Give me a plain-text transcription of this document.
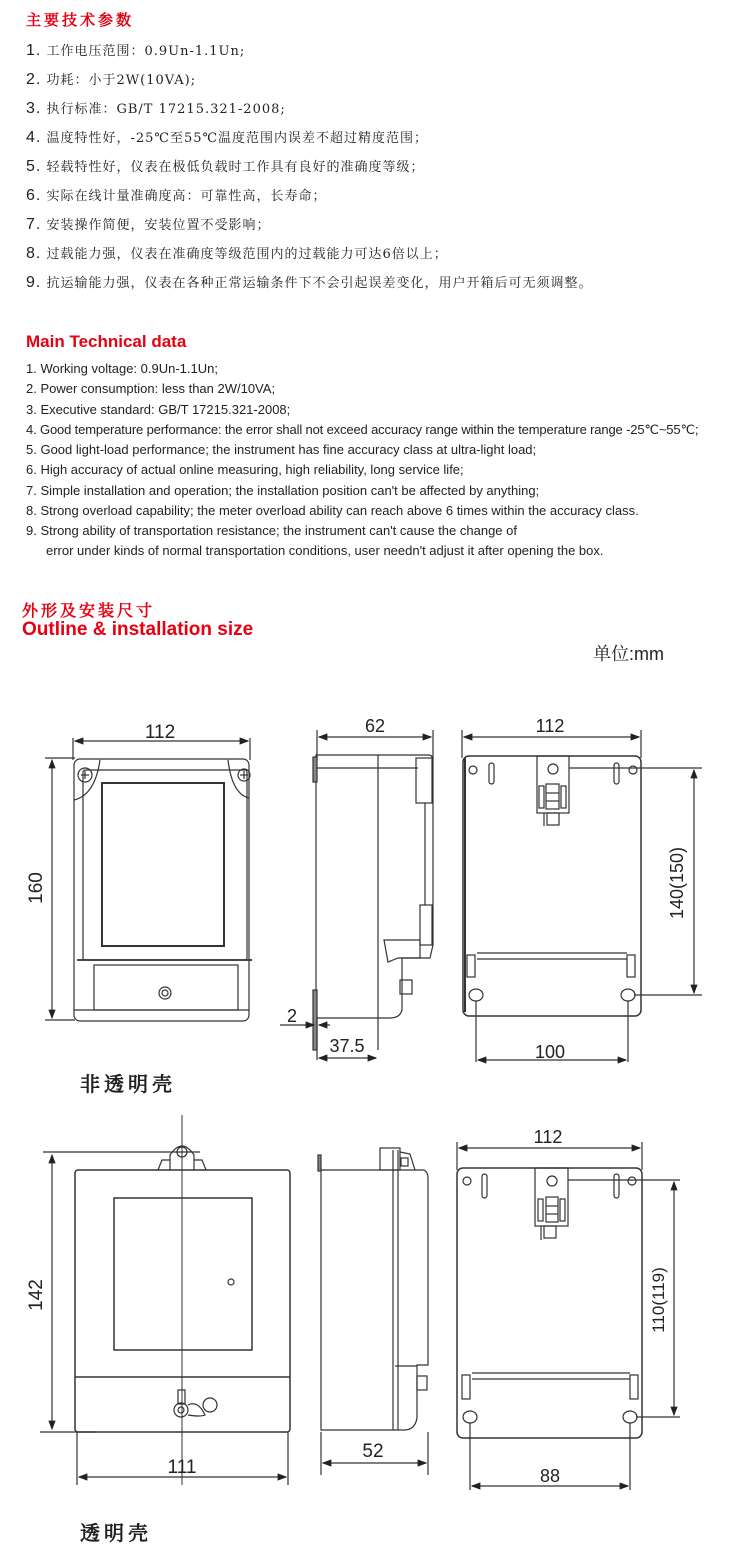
主要技术参数
1. 工作电压范围：0.9Un-1.1Un;
2. 功耗：小于2W(10VA);
3. 执行标准：GB/T 17215.321-2008;
4. 温度特性好，-25℃至55℃温度范围内误差不超过精度范围；
5. 轻载特性好，仪表在极低负载时工作具有良好的准确度等级；
6. 实际在线计量准确度高：可靠性高，长寿命；
7. 安装操作简便，安装位置不受影响；
8. 过载能力强，仪表在准确度等级范围内的过载能力可达6倍以上；
9. 抗运输能力强，仪表在各种正常运输条件下不会引起误差变化，用户开箱后可无须调整。
Main Technical data
1. Working voltage: 0.9Un-1.1Un;
2. Power consumption: less than 2W/10VA;
3. Executive standard: GB/T 17215.321-2008;
4. Good temperature performance: the error shall not exceed accuracy range within the temperature range -25℃~55℃;
5. Good light-load performance; the instrument has fine accuracy class at ultra-light load;
6. High accuracy of actual online measuring, high reliability, long service life;
7. Simple installation and operation; the installation position can't be affected by anything;
8. Strong overload capability; the meter overload ability can reach above 6 times within the accuracy class.
9. Strong ability of transportation resistance; the instrument can't cause the change of
error under kinds of normal transportation conditions, user needn't adjust it after opening the box.
外形及安装尺寸
Outline & installation size
单位:mm
112
160
62
2
37.5
112
140(150)
100
非透明壳
142
111
52
112
110(119)
88
透明壳
